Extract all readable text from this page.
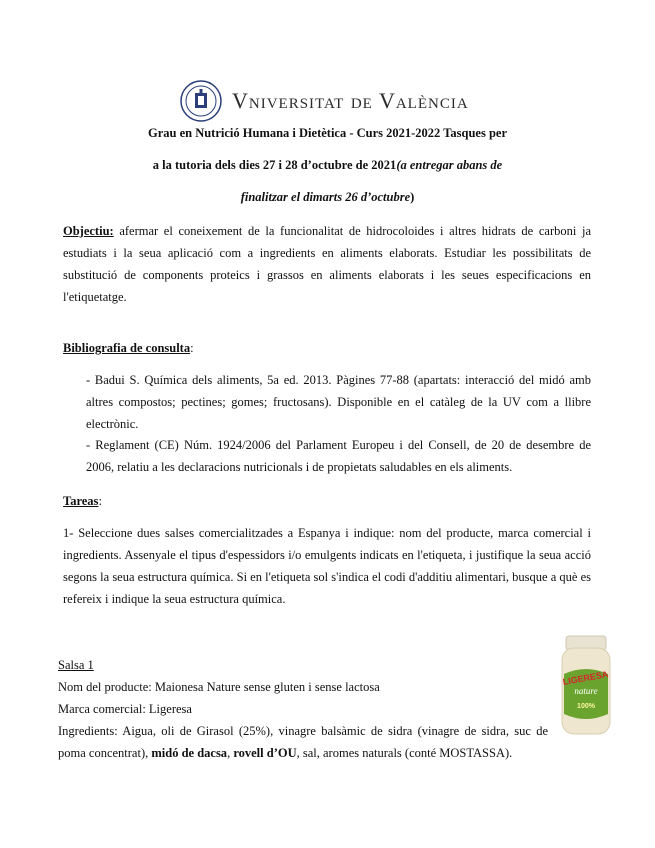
Vniversitat de València
Grau en Nutrició Humana i Dietètica - Curs 2021-2022 Tasques per
a la tutoria dels dies 27 i 28 d’octubre de 2021(a entregar abans de
finalitzar el dimarts 26 d’octubre)
Objectiu: afermar el coneixement de la funcionalitat de hidrocoloides i altres hidrats de carboni ja estudiats i la seua aplicació com a ingredients en aliments elaborats. Estudiar les possibilitats de substitució de components proteics i grassos en aliments elaborats i les seues especificacions en l'etiquetatge.
Bibliografia de consulta:
- Badui S. Química dels aliments, 5a ed. 2013. Pàgines 77-88 (apartats: interacció del midó amb altres compostos; pectines; gomes; fructosans). Disponible en el catàleg de la UV com a llibre electrònic.
- Reglament (CE) Núm. 1924/2006 del Parlament Europeu i del Consell, de 20 de desembre de 2006, relatiu a les declaracions nutricionals i de propietats saludables en els aliments.
Tareas:
1- Seleccione dues salses comercialitzades a Espanya i indique: nom del producte, marca comercial i ingredients. Assenyale el tipus d'espessidors i/o emulgents indicats en l'etiqueta, i justifique la seua acció segons la seua estructura química. Si en l'etiqueta sol s'indica el codi d'additiu alimentari, busque a què es refereix i indique la seua estructura química.
Salsa 1
Nom del producte: Maionesa Nature sense gluten i sense lactosa
Marca comercial: Ligeresa
Ingredients: Aigua, oli de Girasol (25%), vinagre balsàmic de sidra (vinagre de sidra, suc de poma concentrat), midó de dacsa, rovell d’OU, sal, aromes naturals (conté MOSTASSA).
LIGERESA
nature
100%
